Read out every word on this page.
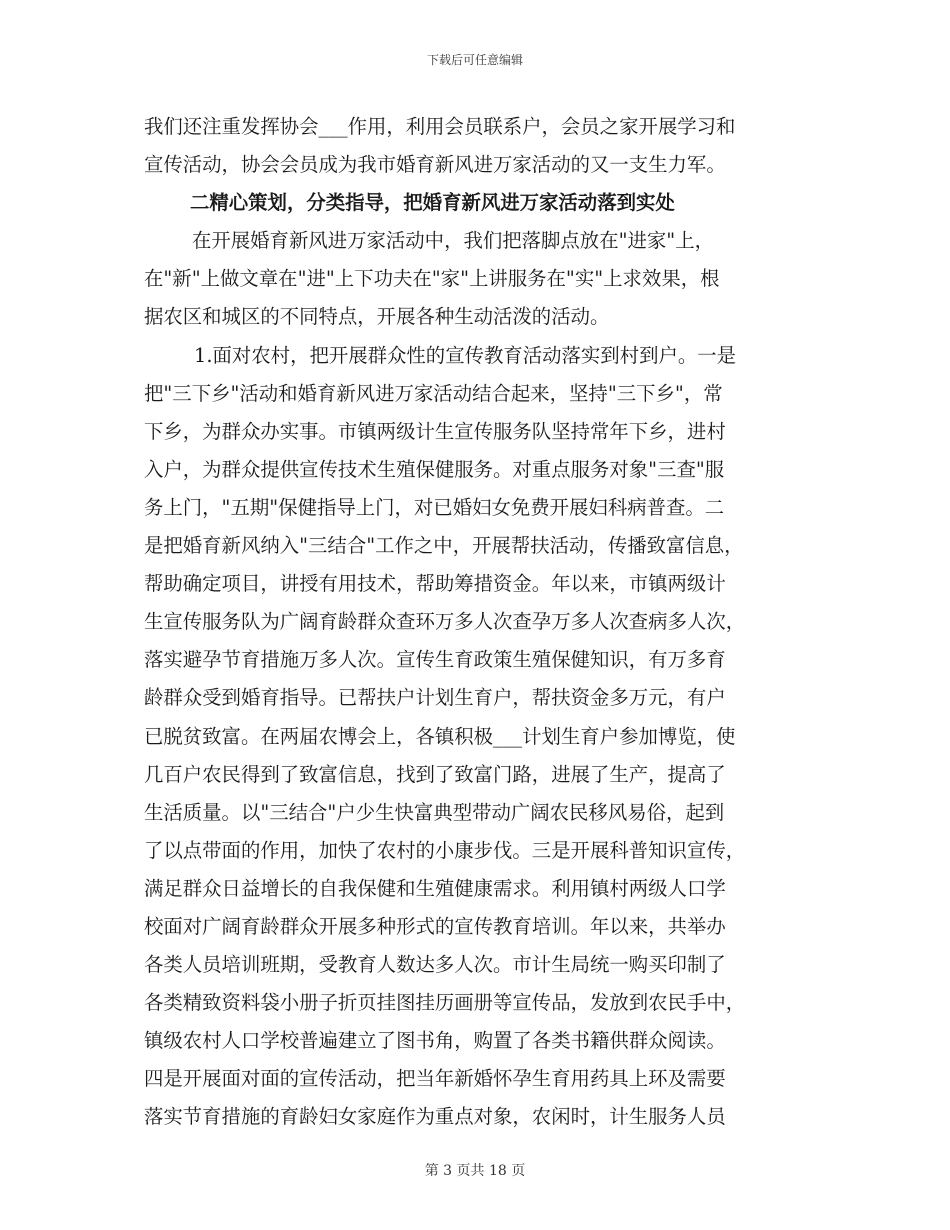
下载后可任意编辑
我们还注重发挥协会___作用，利用会员联系户，会员之家开展学习和
宣传活动，协会会员成为我市婚育新风进万家活动的又一支生力军。
二精心策划，分类指导，把婚育新风进万家活动落到实处
在开展婚育新风进万家活动中，我们把落脚点放在"进家"上，
在"新"上做文章在"进"上下功夫在"家"上讲服务在"实"上求效果，根
据农区和城区的不同特点，开展各种生动活泼的活动。
1.面对农村，把开展群众性的宣传教育活动落实到村到户。一是
把"三下乡"活动和婚育新风进万家活动结合起来，坚持"三下乡"，常
下乡，为群众办实事。市镇两级计生宣传服务队坚持常年下乡，进村
入户，为群众提供宣传技术生殖保健服务。对重点服务对象"三查"服
务上门，"五期"保健指导上门，对已婚妇女免费开展妇科病普查。二
是把婚育新风纳入"三结合"工作之中，开展帮扶活动，传播致富信息，
帮助确定项目，讲授有用技术，帮助筹措资金。年以来，市镇两级计
生宣传服务队为广阔育龄群众查环万多人次查孕万多人次查病多人次，
落实避孕节育措施万多人次。宣传生育政策生殖保健知识，有万多育
龄群众受到婚育指导。已帮扶户计划生育户，帮扶资金多万元，有户
已脱贫致富。在两届农博会上，各镇积极___计划生育户参加博览，使
几百户农民得到了致富信息，找到了致富门路，进展了生产，提高了
生活质量。以"三结合"户少生快富典型带动广阔农民移风易俗，起到
了以点带面的作用，加快了农村的小康步伐。三是开展科普知识宣传，
满足群众日益增长的自我保健和生殖健康需求。利用镇村两级人口学
校面对广阔育龄群众开展多种形式的宣传教育培训。年以来，共举办
各类人员培训班期，受教育人数达多人次。市计生局统一购买印制了
各类精致资料袋小册子折页挂图挂历画册等宣传品，发放到农民手中，
镇级农村人口学校普遍建立了图书角，购置了各类书籍供群众阅读。
四是开展面对面的宣传活动，把当年新婚怀孕生育用药具上环及需要
落实节育措施的育龄妇女家庭作为重点对象，农闲时，计生服务人员
第 3 页共 18 页
